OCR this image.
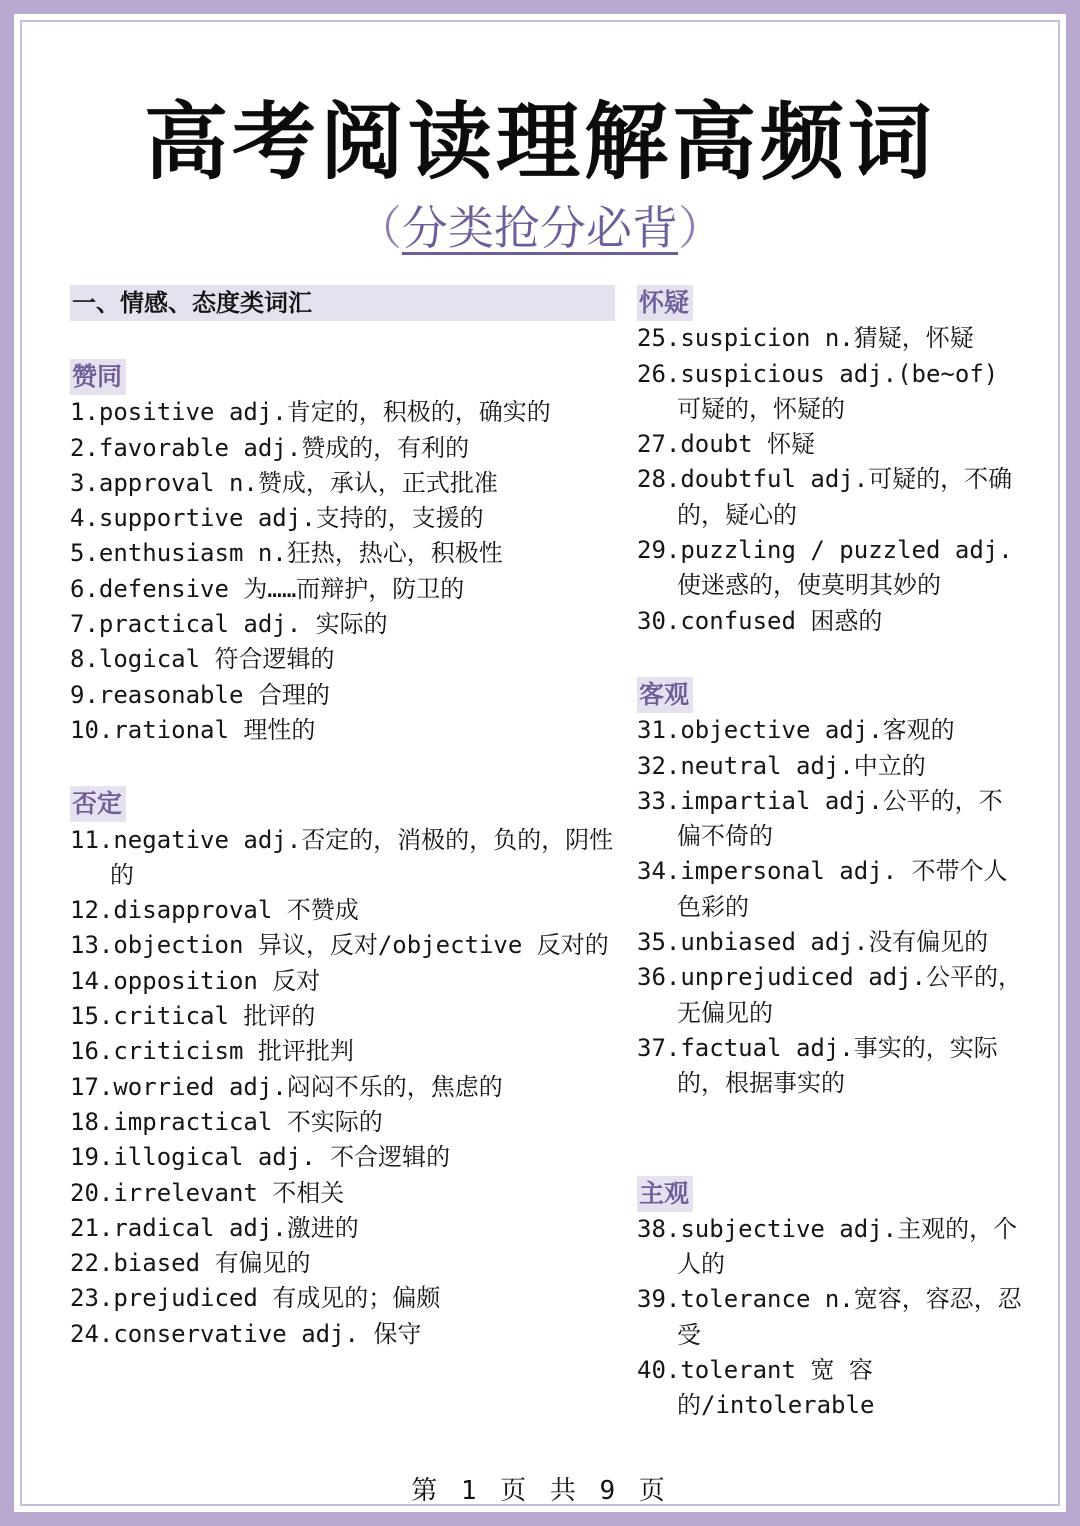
高考阅读理解高频词
（分类抢分必背）
一、情感、态度类词汇
赞同
1.positive adj.肯定的，积极的，确实的
2.favorable adj.赞成的，有利的
3.approval n.赞成，承认，正式批准
4.supportive adj.支持的，支援的
5.enthusiasm n.狂热，热心，积极性
6.defensive 为……而辩护，防卫的
7.practical adj. 实际的
8.logical 符合逻辑的
9.reasonable 合理的
10.rational 理性的
否定
11.negative adj.否定的，消极的，负的，阴性的
12.disapproval 不赞成
13.objection 异议，反对/objective 反对的
14.opposition 反对
15.critical 批评的
16.criticism 批评批判
17.worried adj.闷闷不乐的，焦虑的
18.impractical 不实际的
19.illogical adj. 不合逻辑的
20.irrelevant 不相关
21.radical adj.激进的
22.biased 有偏见的
23.prejudiced 有成见的；偏颇
24.conservative adj. 保守
怀疑
25.suspicion n.猜疑，怀疑
26.suspicious adj.(be~of)可疑的，怀疑的
27.doubt 怀疑
28.doubtful adj.可疑的，不确的，疑心的
29.puzzling / puzzled adj.使迷惑的，使莫明其妙的
30.confused 困惑的
客观
31.objective adj.客观的
32.neutral adj.中立的
33.impartial adj.公平的，不偏不倚的
34.impersonal adj. 不带个人色彩的
35.unbiased adj.没有偏见的
36.unprejudiced adj.公平的，无偏见的
37.factual adj.事实的，实际的，根据事实的
主观
38.subjective adj.主观的，个人的
39.tolerance n.宽容，容忍，忍受
40.tolerant 宽 容 的/intolerable
第 1 页 共 9 页
